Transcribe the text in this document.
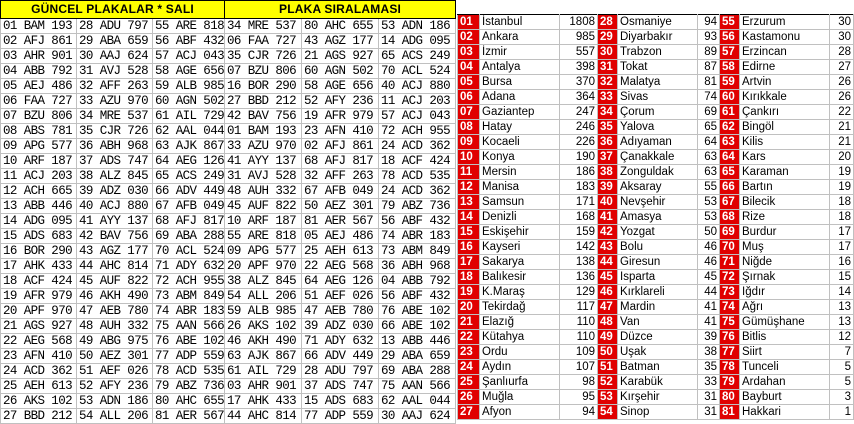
GÜNCEL PLAKALAR * SALI			PLAKA SIRALAMASI		
01 BAM 193	28 ADU 797	55 ARE 818	34 MRE 537	80 AHC 655	53 ADN 186
02 AFJ 861	29 ABA 659	56 ABF 432	06 FAA 727	43 AGZ 177	14 ADG 095
03 AHR 901	30 AAJ 624	57 ACJ 043	35 CJR 726	21 AGS 927	65 ACS 249
04 ABB 792	31 AVJ 528	58 AGE 656	07 BZU 806	60 AGN 502	70 ACL 524
05 AEJ 486	32 AFF 263	59 ALB 985	16 BOR 290	58 AGE 656	40 ACJ 880
06 FAA 727	33 AZU 970	60 AGN 502	27 BBD 212	52 AFY 236	11 ACJ 203
07 BZU 806	34 MRE 537	61 AIL 729	42 BAV 756	19 AFR 979	57 ACJ 043
08 ABS 781	35 CJR 726	62 AAL 044	01 BAM 193	23 AFN 410	72 ACH 955
09 APG 577	36 ABH 968	63 AJK 867	33 AZU 970	02 AFJ 861	24 ACD 362
10 ARF 187	37 ADS 747	64 AEG 126	41 AYY 137	68 AFJ 817	18 ACF 424
11 ACJ 203	38 ALZ 845	65 ACS 249	31 AVJ 528	32 AFF 263	78 ACD 535
12 ACH 665	39 ADZ 030	66 ADV 449	48 AUH 332	67 AFB 049	24 ACD 362
13 ABB 446	40 ACJ 880	67 AFB 049	45 AUF 822	50 AEZ 301	79 ABZ 736
14 ADG 095	41 AYY 137	68 AFJ 817	10 ARF 187	81 AER 567	56 ABF 432
15 ADS 683	42 BAV 756	69 ABA 288	55 ARE 818	05 AEJ 486	74 ABR 183
16 BOR 290	43 AGZ 177	70 ACL 524	09 APG 577	25 AEH 613	73 ABM 849
17 AHK 433	44 AHC 814	71 ADY 632	20 APF 970	22 AEG 568	36 ABH 968
18 ACF 424	45 AUF 822	72 ACH 955	38 ALZ 845	64 AEG 126	04 ABB 792
19 AFR 979	46 AKH 490	73 ABM 849	54 ALL 206	51 AEF 026	56 ABF 432
20 APF 970	47 AEB 780	74 ABR 183	59 ALB 985	47 AEB 780	76 ABE 102
21 AGS 927	48 AUH 332	75 AAN 566	26 AKS 102	39 ADZ 030	66 ABE 102
22 AEG 568	49 ABG 975	76 ABE 102	46 AKH 490	71 ADY 632	13 ABB 446
23 AFN 410	50 AEZ 301	77 ADP 559	63 AJK 867	66 ADV 449	29 ABA 659
24 ACD 362	51 AEF 026	78 ACD 535	61 AIL 729	28 ADU 797	69 ABA 288
25 AEH 613	52 AFY 236	79 ABZ 736	03 AHR 901	37 ADS 747	75 AAN 566
26 AKS 102	53 ADN 186	80 AHC 655	17 AHK 433	15 ADS 683	62 AAL 044
27 BBD 212	54 ALL 206	81 AER 567	44 AHC 814	77 ADP 559	30 AAJ 624
01	İstanbul	1808	28	Osmaniye	94	55	Erzurum	30
02	Ankara	985	29	Diyarbakır	93	56	Kastamonu	30
03	İzmir	557	30	Trabzon	89	57	Erzincan	28
04	Antalya	398	31	Tokat	87	58	Edirne	27
05	Bursa	370	32	Malatya	81	59	Artvin	26
06	Adana	364	33	Sivas	74	60	Kırıkkale	26
07	Gaziantep	247	34	Çorum	69	61	Çankırı	22
08	Hatay	246	35	Yalova	65	62	Bingöl	21
09	Kocaeli	226	36	Adıyaman	64	63	Kilis	21
10	Konya	190	37	Çanakkale	63	64	Kars	20
11	Mersin	186	38	Zonguldak	63	65	Karaman	19
12	Manisa	183	39	Aksaray	55	66	Bartın	19
13	Samsun	171	40	Nevşehir	53	67	Bilecik	18
14	Denizli	168	41	Amasya	53	68	Rize	18
15	Eskişehir	159	42	Yozgat	50	69	Burdur	17
16	Kayseri	142	43	Bolu	46	70	Muş	17
17	Sakarya	138	44	Giresun	46	71	Niğde	16
18	Balıkesir	136	45	Isparta	45	72	Şırnak	15
19	K.Maraş	129	46	Kırklareli	44	73	Iğdır	14
20	Tekirdağ	117	47	Mardin	41	74	Ağrı	13
21	Elazığ	110	48	Van	41	75	Gümüşhane	13
22	Kütahya	110	49	Düzce	39	76	Bitlis	12
23	Ordu	109	50	Uşak	38	77	Siirt	7
24	Aydın	107	51	Batman	35	78	Tunceli	5
25	Şanlıurfa	98	52	Karabük	33	79	Ardahan	5
26	Muğla	95	53	Kırşehir	31	80	Bayburt	3
27	Afyon	94	54	Sinop	31	81	Hakkari	1
